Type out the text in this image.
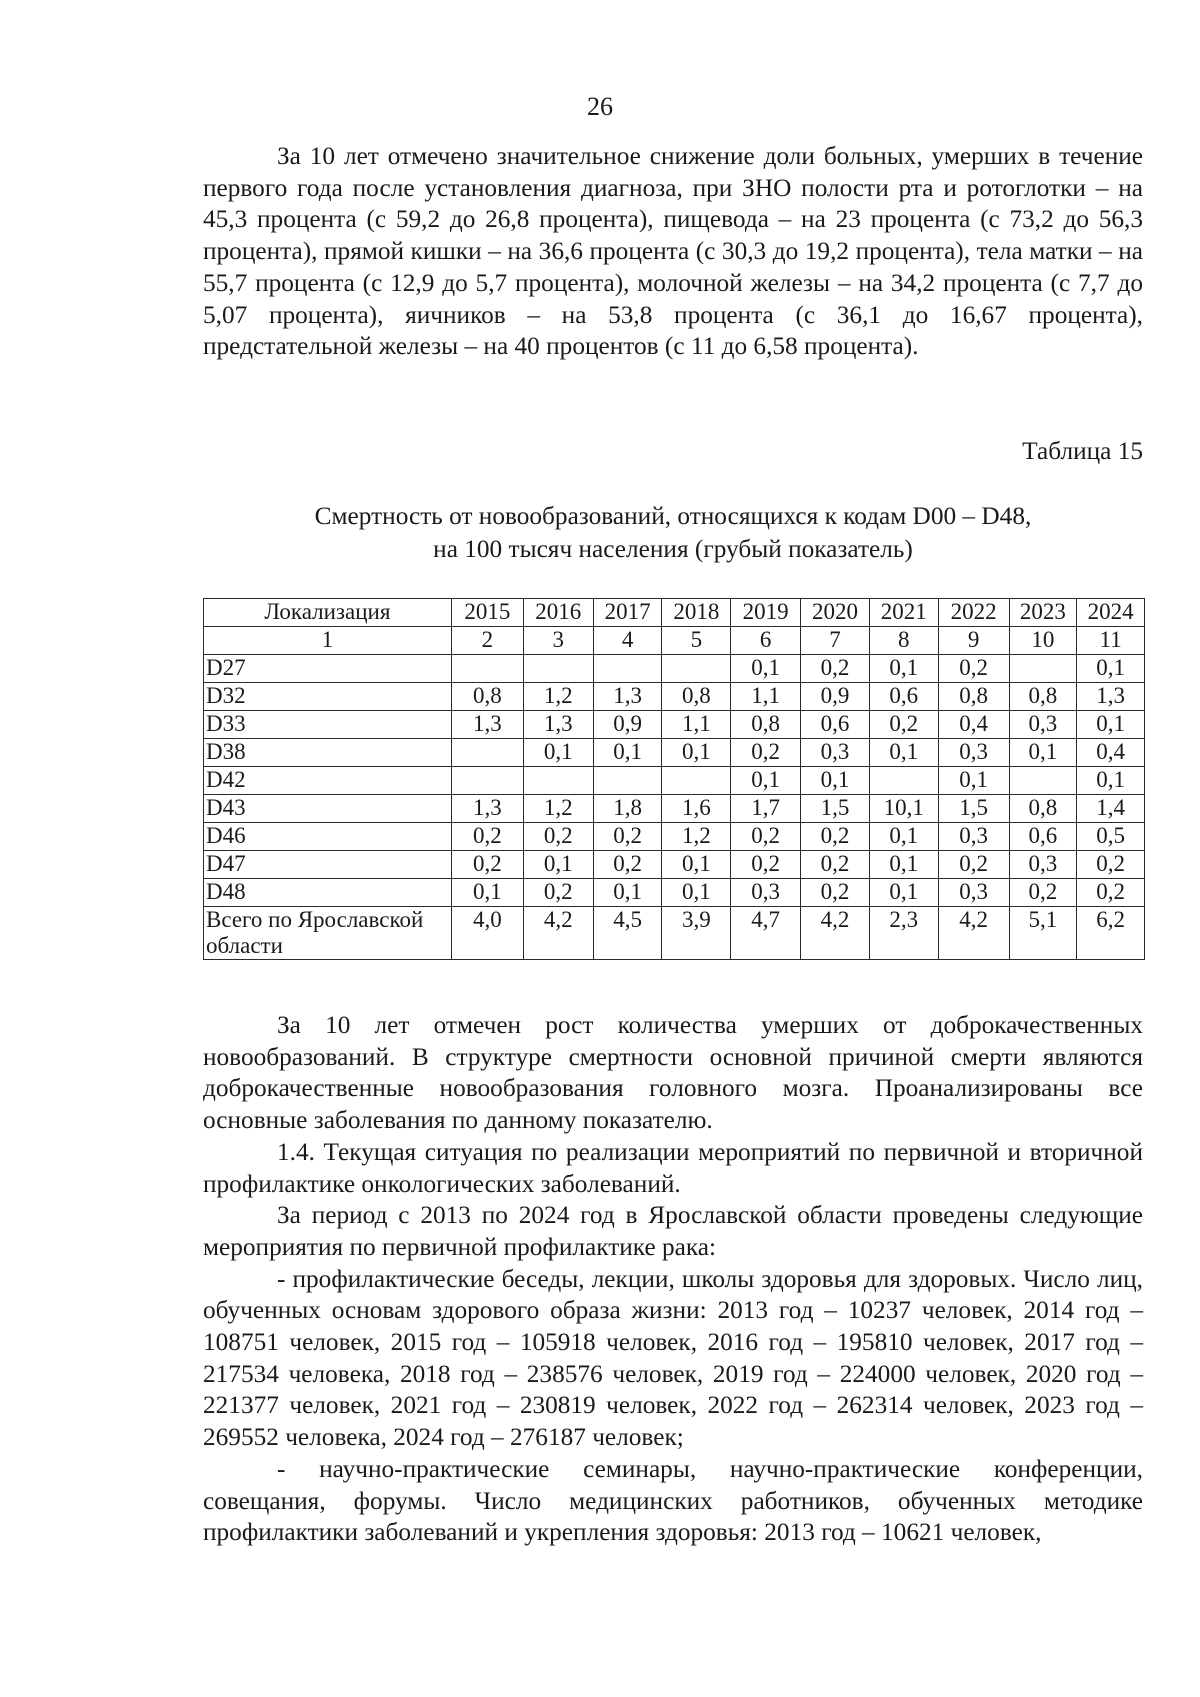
26

За 10 лет отмечено значительное снижение доли больных, умерших в течение первого года после установления диагноза, при ЗНО полости рта и ротоглотки – на 45,3 процента (с 59,2 до 26,8 процента), пищевода – на 23 процента (с 73,2 до 56,3 процента), прямой кишки – на 36,6 процента (с 30,3 до 19,2 процента), тела матки – на 55,7 процента (с 12,9 до 5,7 процента), молочной железы – на 34,2 процента (с 7,7 до 5,07 процента), яичников – на 53,8 процента (с 36,1 до 16,67 процента), предстательной железы – на 40 процентов (с 11 до 6,58 процента).

Таблица 15
Смертность от новообразований, относящихся к кодам D00 – D48,
на 100 тысяч населения (грубый показатель)
Локализация	2015	2016	2017	2018	2019	2020	2021	2022	2023	2024
1	2	3	4	5	6	7	8	9	10	11
D27					0,1	0,2	0,1	0,2		0,1
D32	0,8	1,2	1,3	0,8	1,1	0,9	0,6	0,8	0,8	1,3
D33	1,3	1,3	0,9	1,1	0,8	0,6	0,2	0,4	0,3	0,1
D38		0,1	0,1	0,1	0,2	0,3	0,1	0,3	0,1	0,4
D42					0,1	0,1		0,1		0,1
D43	1,3	1,2	1,8	1,6	1,7	1,5	10,1	1,5	0,8	1,4
D46	0,2	0,2	0,2	1,2	0,2	0,2	0,1	0,3	0,6	0,5
D47	0,2	0,1	0,2	0,1	0,2	0,2	0,1	0,2	0,3	0,2
D48	0,1	0,2	0,1	0,1	0,3	0,2	0,1	0,3	0,2	0,2
Всего по Ярославской области	4,0	4,2	4,5	3,9	4,7	4,2	2,3	4,2	5,1	6,2

За 10 лет отмечен рост количества умерших от доброкачественных новообразований. В структуре смертности основной причиной смерти являются доброкачественные новообразования головного мозга. Проанализированы все основные заболевания по данному показателю.

1.4. Текущая ситуация по реализации мероприятий по первичной и вторичной профилактике онкологических заболеваний.

За период с 2013 по 2024 год в Ярославской области проведены следующие мероприятия по первичной профилактике рака:

- профилактические беседы, лекции, школы здоровья для здоровых. Число лиц, обученных основам здорового образа жизни: 2013 год – 10237 человек, 2014 год – 108751 человек, 2015 год – 105918 человек, 2016 год – 195810 человек, 2017 год – 217534 человека, 2018 год – 238576 человек, 2019 год – 224000 человек, 2020 год – 221377 человек, 2021 год – 230819 человек, 2022 год – 262314 человек, 2023 год – 269552 человека, 2024 год – 276187 человек;

- научно-практические семинары, научно-практические конференции, совещания, форумы. Число медицинских работников, обученных методике профилактики заболеваний и укрепления здоровья: 2013 год – 10621 человек,
